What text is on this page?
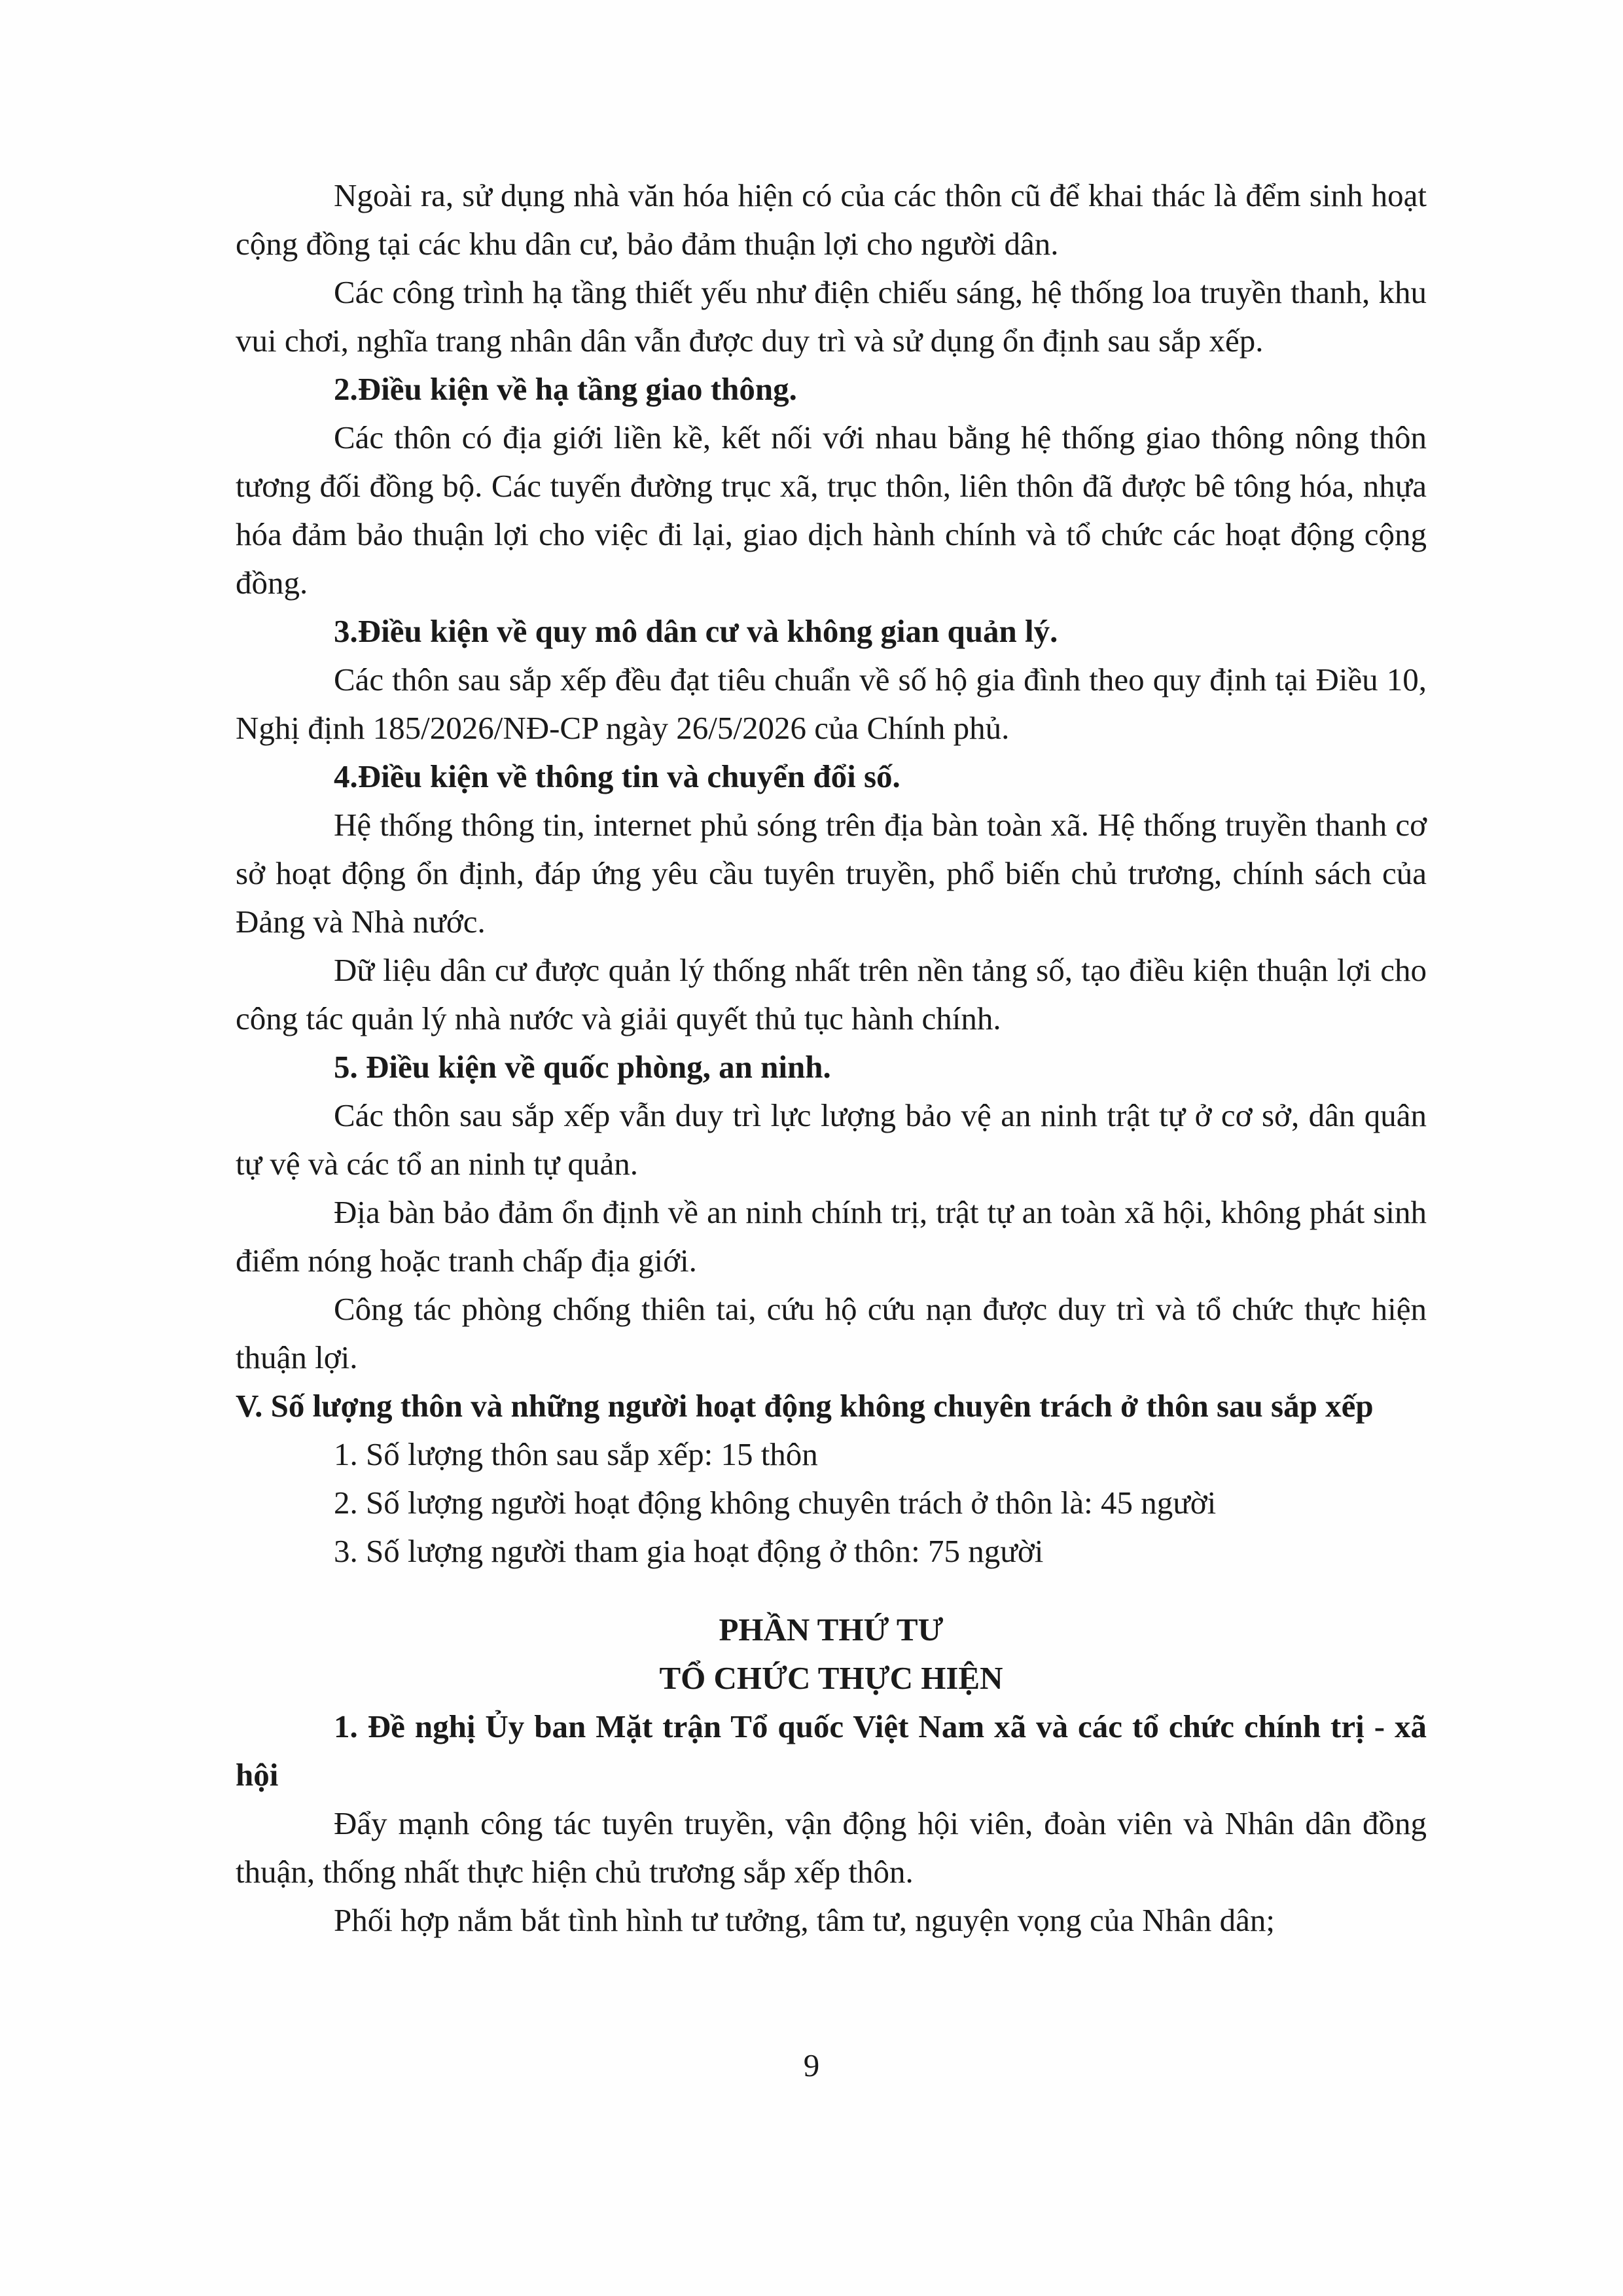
Ngoài ra, sử dụng nhà văn hóa hiện có của các thôn cũ để khai thác là đểm sinh hoạt cộng đồng tại các khu dân cư, bảo đảm thuận lợi cho người dân.

Các công trình hạ tầng thiết yếu như điện chiếu sáng, hệ thống loa truyền thanh, khu vui chơi, nghĩa trang nhân dân vẫn được duy trì và sử dụng ổn định sau sắp xếp.

2.Điều kiện về hạ tầng giao thông.

Các thôn có địa giới liền kề, kết nối với nhau bằng hệ thống giao thông nông thôn tương đối đồng bộ. Các tuyến đường trục xã, trục thôn, liên thôn đã được bê tông hóa, nhựa hóa đảm bảo thuận lợi cho việc đi lại, giao dịch hành chính và tổ chức các hoạt động cộng đồng.

3.Điều kiện về quy mô dân cư và không gian quản lý.

Các thôn sau sắp xếp đều đạt tiêu chuẩn về số hộ gia đình theo quy định tại Điều 10, Nghị định 185/2026/NĐ-CP ngày 26/5/2026 của Chính phủ.

4.Điều kiện về thông tin và chuyển đổi số.

Hệ thống thông tin, internet phủ sóng trên địa bàn toàn xã. Hệ thống truyền thanh cơ sở hoạt động ổn định, đáp ứng yêu cầu tuyên truyền, phổ biến chủ trương, chính sách của Đảng và Nhà nước.

Dữ liệu dân cư được quản lý thống nhất trên nền tảng số, tạo điều kiện thuận lợi cho công tác quản lý nhà nước và giải quyết thủ tục hành chính.

5. Điều kiện về quốc phòng, an ninh.

Các thôn sau sắp xếp vẫn duy trì lực lượng bảo vệ an ninh trật tự ở cơ sở, dân quân tự vệ và các tổ an ninh tự quản.

Địa bàn bảo đảm ổn định về an ninh chính trị, trật tự an toàn xã hội, không phát sinh điểm nóng hoặc tranh chấp địa giới.

Công tác phòng chống thiên tai, cứu hộ cứu nạn được duy trì và tổ chức thực hiện thuận lợi.

V. Số lượng thôn và những người hoạt động không chuyên trách ở thôn sau sắp xếp

1. Số lượng thôn sau sắp xếp: 15 thôn

2. Số lượng người hoạt động không chuyên trách ở thôn là: 45 người

3. Số lượng người tham gia hoạt động ở thôn: 75 người

PHẦN THỨ TƯ
TỔ CHỨC THỰC HIỆN

1. Đề nghị Ủy ban Mặt trận Tổ quốc Việt Nam xã và các tổ chức chính trị - xã hội

Đẩy mạnh công tác tuyên truyền, vận động hội viên, đoàn viên và Nhân dân đồng thuận, thống nhất thực hiện chủ trương sắp xếp thôn.

Phối hợp nắm bắt tình hình tư tưởng, tâm tư, nguyện vọng của Nhân dân;

9
